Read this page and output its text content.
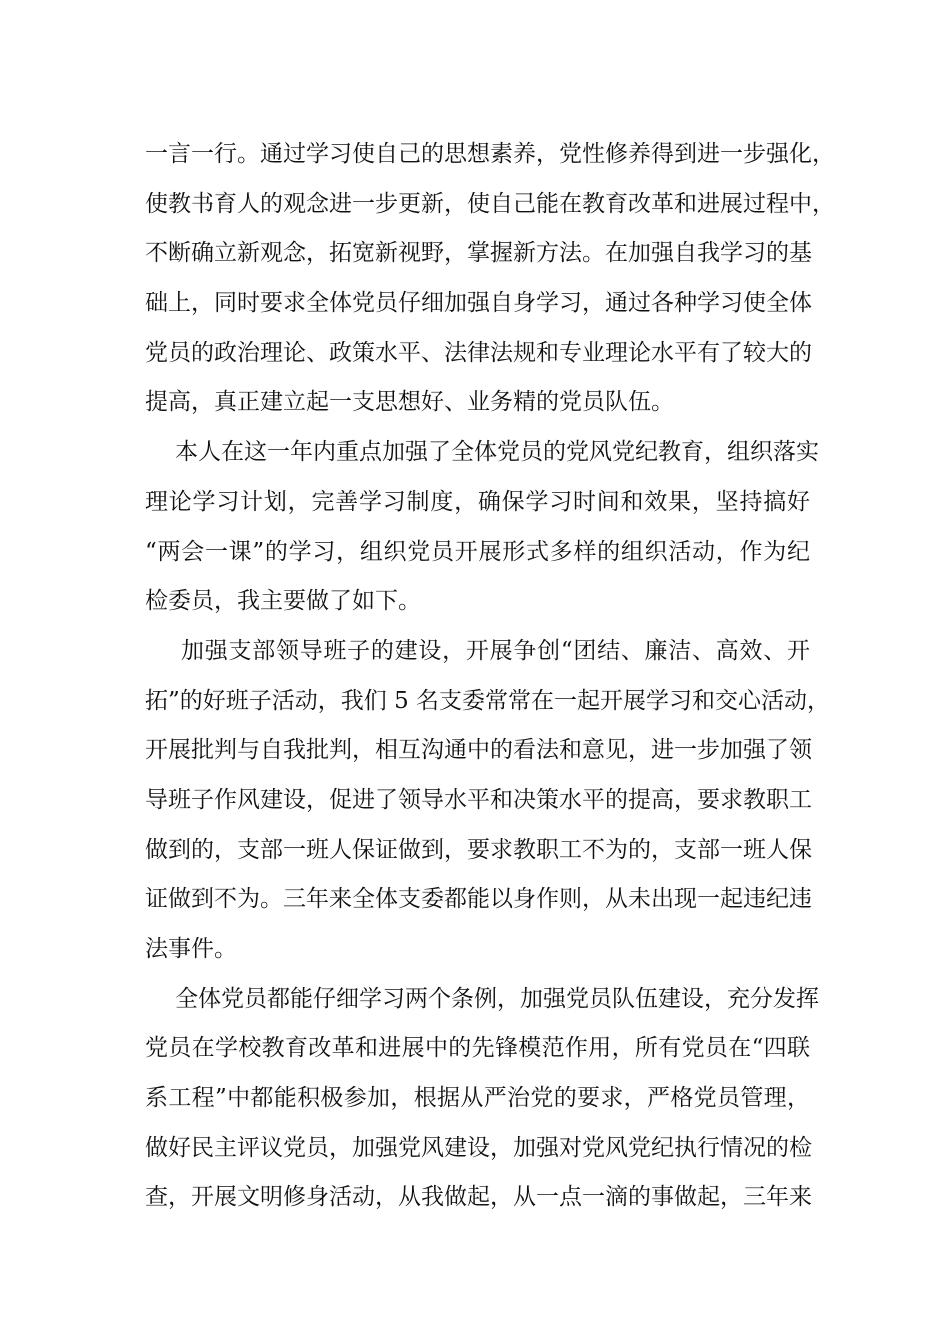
一言一行。通过学习使自己的思想素养，党性修养得到进一步强化，
使教书育人的观念进一步更新，使自己能在教育改革和进展过程中，
不断确立新观念，拓宽新视野，掌握新方法。在加强自我学习的基
础上，同时要求全体党员仔细加强自身学习，通过各种学习使全体
党员的政治理论、政策水平、法律法规和专业理论水平有了较大的
提高，真正建立起一支思想好、业务精的党员队伍。
本人在这一年内重点加强了全体党员的党风党纪教育，组织落实
理论学习计划，完善学习制度，确保学习时间和效果，坚持搞好
“两会一课”的学习，组织党员开展形式多样的组织活动，作为纪
检委员，我主要做了如下。
加强支部领导班子的建设，开展争创“团结、廉洁、高效、开
拓”的好班子活动，我们 5 名支委常常在一起开展学习和交心活动，
开展批判与自我批判，相互沟通中的看法和意见，进一步加强了领
导班子作风建设，促进了领导水平和决策水平的提高，要求教职工
做到的，支部一班人保证做到，要求教职工不为的，支部一班人保
证做到不为。三年来全体支委都能以身作则，从未出现一起违纪违
法事件。
全体党员都能仔细学习两个条例，加强党员队伍建设，充分发挥
党员在学校教育改革和进展中的先锋模范作用，所有党员在“四联
系工程”中都能积极参加，根据从严治党的要求，严格党员管理，
做好民主评议党员，加强党风建设，加强对党风党纪执行情况的检
查，开展文明修身活动，从我做起，从一点一滴的事做起，三年来
